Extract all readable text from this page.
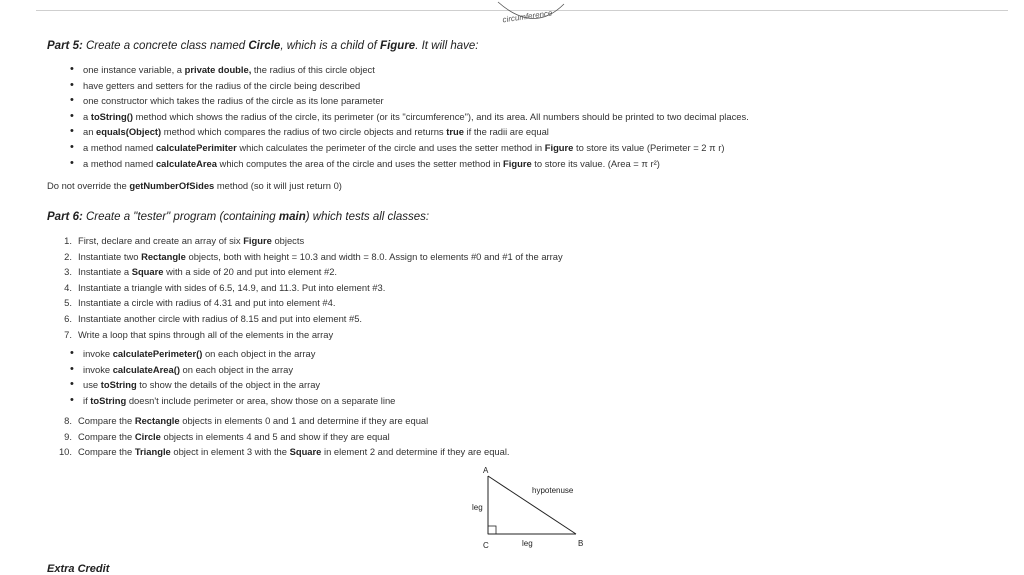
circumference
Part 5: Create a concrete class named Circle, which is a child of Figure. It will have:
• one instance variable, a private double, the radius of this circle object
• have getters and setters for the radius of the circle being described
• one constructor which takes the radius of the circle as its lone parameter
• a toString() method which shows the radius of the circle, its perimeter (or its "circumference"), and its area. All numbers should be printed to two decimal places.
• an equals(Object) method which compares the radius of two circle objects and returns true if the radii are equal
• a method named calculatePerimiter which calculates the perimeter of the circle and uses the setter method in Figure to store its value (Perimeter = 2 π r)
• a method named calculateArea which computes the area of the circle and uses the setter method in Figure to store its value. (Area = π r²)
Do not override the getNumberOfSides method (so it will just return 0)
Part 6: Create a "tester" program (containing main) which tests all classes:
1. First, declare and create an array of six Figure objects
2. Instantiate two Rectangle objects, both with height = 10.3 and width = 8.0. Assign to elements #0 and #1 of the array
3. Instantiate a Square with a side of 20 and put into element #2.
4. Instantiate a triangle with sides of 6.5, 14.9, and 11.3. Put into element #3.
5. Instantiate a circle with radius of 4.31 and put into element #4.
6. Instantiate another circle with radius of 8.15 and put into element #5.
7. Write a loop that spins through all of the elements in the array
• invoke calculatePerimeter() on each object in the array
• invoke calculateArea() on each object in the array
• use toString to show the details of the object in the array
• if toString doesn't include perimeter or area, show those on a separate line
8. Compare the Rectangle objects in elements 0 and 1 and determine if they are equal
9. Compare the Circle objects in elements 4 and 5 and show if they are equal
10. Compare the Triangle object in element 3 with the Square in element 2 and determine if they are equal.
A
B
C
hypotenuse
leg
leg
Extra Credit
